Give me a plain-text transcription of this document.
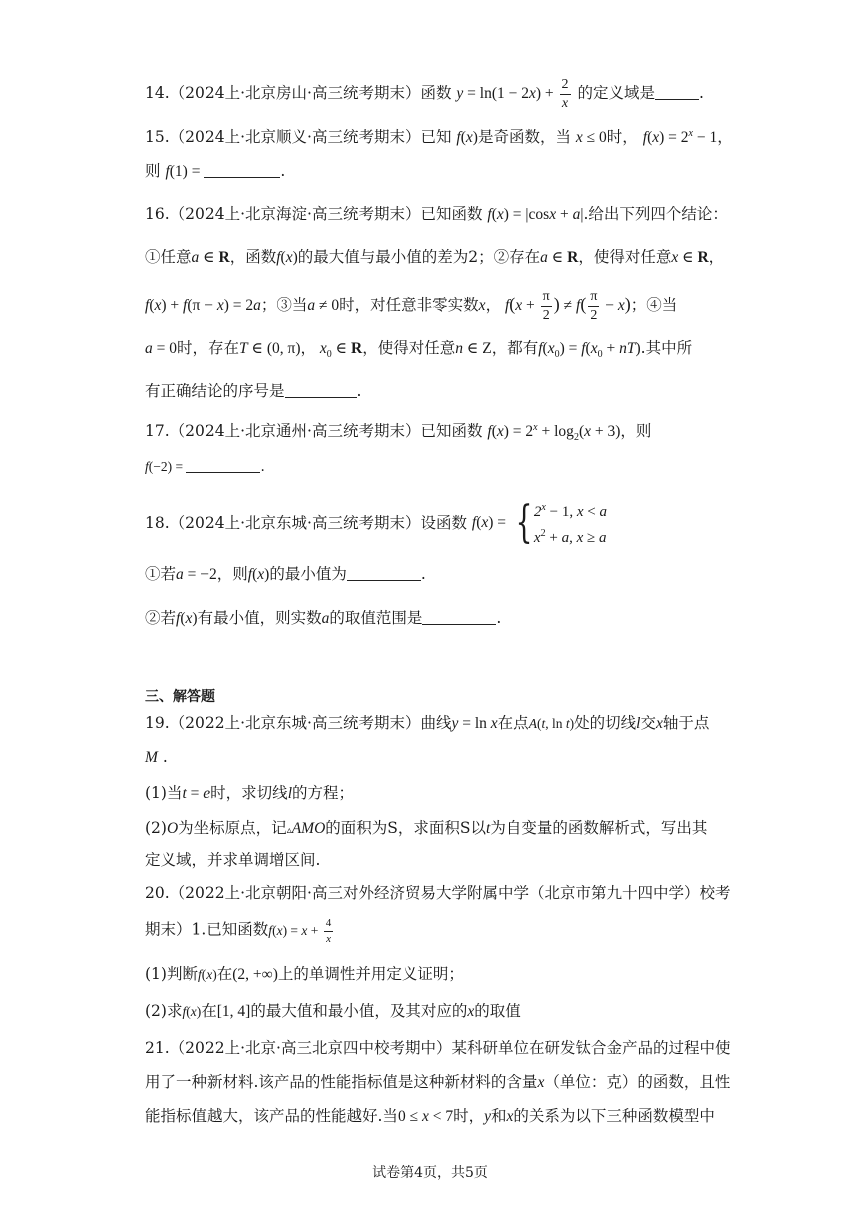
14.（2024上·北京房山·高三统考期末）函数 $y = \ln(1 - 2x) + \frac{2}{x}$ 的定义域是	.
15.（2024上·北京顺义·高三统考期末）已知 f(x)是奇函数，当 x ≤ 0时， $f(x) = 2^x - 1$，
则 f(1) =	.
16.（2024上·北京海淀·高三统考期末）已知函数 f(x) = |cosx + a|.给出下列四个结论：
①任意a ∈ R，函数f(x)的最大值与最小值的差为2；②存在a ∈ R，使得对任意x ∈ R，
f(x) + f(π − x) = 2a；③当a ≠ 0时，对任意非零实数x， $f(x + \frac{\pi}{2}$ ) ≠ $f( \frac{\pi}{2} - x)$；④当
a = 0时，存在T ∈ (0, π)， $x_0$ ∈ R，使得对任意n ∈ Z，都有$f(x_0) = f(x_0 + nT)$.其中所
有正确结论的序号是	.
17.（2024上·北京通州·高三统考期末）已知函数 $f(x) = 2^x + \log_2(x + 3)$，则
f(−2) =	.
18.（2024上·北京东城·高三统考期末）设函数 f(x) = { $2^x - 1$, x < a
$x^2 + a$, x ≥ a
①若a = −2，则f(x)的最小值为	.
②若f(x)有最小值，则实数a的取值范围是	.
三、解答题
19.（2022上·北京东城·高三统考期末）曲线y = ln x在点A(t, ln t)处的切线l交x轴于点
M .
(1)当t = e时，求切线l的方程；
(2)O为坐标原点，记▵AMO的面积为S，求面积S以t为自变量的函数解析式，写出其
定义域，并求单调增区间.
20.（2022上·北京朝阳·高三对外经济贸易大学附属中学（北京市第九十四中学）校考
期末）1.已知函数$f(x) = x + \frac{4}{x}$
(1)判断f(x)在(2, +∞)上的单调性并用定义证明；
(2)求f(x)在[1, 4]的最大值和最小值，及其对应的x的取值
21.（2022上·北京·高三北京四中校考期中）某科研单位在研发钛合金产品的过程中使
用了一种新材料.该产品的性能指标值是这种新材料的含量x（单位：克）的函数，且性
能指标值越大，该产品的性能越好.当0 ≤ x < 7时，y和x的关系为以下三种函数模型中
试卷第4页，共5页
